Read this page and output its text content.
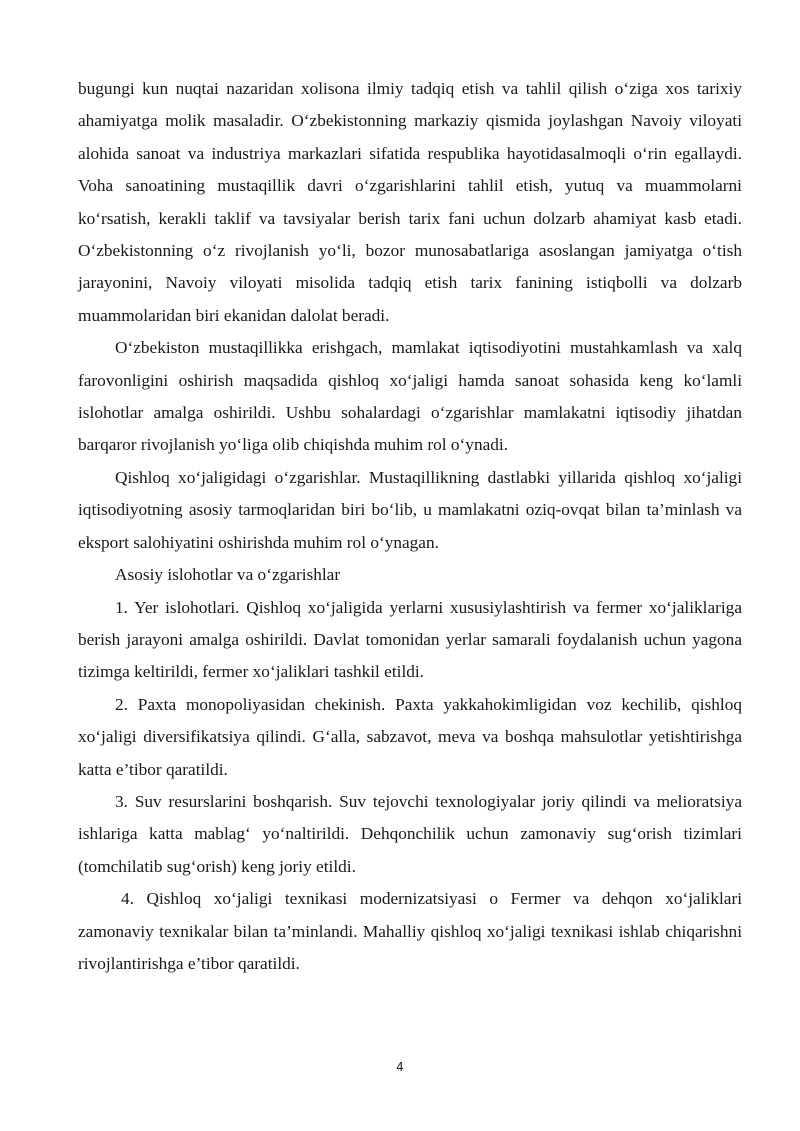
bugungi kun nuqtai nazaridan xolisona ilmiy tadqiq etish va tahlil qilish o‘ziga xos tarixiy ahamiyatga molik masaladir. O‘zbekistonning markaziy qismida joylashgan Navoiy viloyati alohida sanoat va industriya markazlari sifatida respublika hayotidasalmoqli o‘rin egallaydi. Voha sanoatining mustaqillik davri o‘zgarishlarini tahlil etish, yutuq va muammolarni ko‘rsatish, kerakli taklif va tavsiyalar berish tarix fani uchun dolzarb ahamiyat kasb etadi. O‘zbekistonning o‘z rivojlanish yo‘li, bozor munosabatlariga asoslangan jamiyatga o‘tish jarayonini, Navoiy viloyati misolida tadqiq etish tarix fanining istiqbolli va dolzarb muammolaridan biri ekanidan dalolat beradi.

O‘zbekiston mustaqillikka erishgach, mamlakat iqtisodiyotini mustahkamlash va xalq farovonligini oshirish maqsadida qishloq xo‘jaligi hamda sanoat sohasida keng ko‘lamli islohotlar amalga oshirildi. Ushbu sohalardagi o‘zgarishlar mamlakatni iqtisodiy jihatdan barqaror rivojlanish yo‘liga olib chiqishda muhim rol o‘ynadi.

Qishloq xo‘jaligidagi o‘zgarishlar. Mustaqillikning dastlabki yillarida qishloq xo‘jaligi iqtisodiyotning asosiy tarmoqlaridan biri bo‘lib, u mamlakatni oziq-ovqat bilan ta’minlash va eksport salohiyatini oshirishda muhim rol o‘ynagan.

Asosiy islohotlar va o‘zgarishlar

1. Yer islohotlari. Qishloq xo‘jaligida yerlarni xususiylashtirish va fermer xo‘jaliklariga berish jarayoni amalga oshirildi. Davlat tomonidan yerlar samarali foydalanish uchun yagona tizimga keltirildi, fermer xo‘jaliklari tashkil etildi.

2. Paxta monopoliyasidan chekinish. Paxta yakkahokimligidan voz kechilib, qishloq xo‘jaligi diversifikatsiya qilindi. G‘alla, sabzavot, meva va boshqa mahsulotlar yetishtirishga katta e’tibor qaratildi.

3. Suv resurslarini boshqarish. Suv tejovchi texnologiyalar joriy qilindi va melioratsiya ishlariga katta mablag‘ yo‘naltirildi. Dehqonchilik uchun zamonaviy sug‘orish tizimlari (tomchilatib sug‘orish) keng joriy etildi.

4. Qishloq xo‘jaligi texnikasi modernizatsiyasi o Fermer va dehqon xo‘jaliklari zamonaviy texnikalar bilan ta’minlandi. Mahalliy qishloq xo‘jaligi texnikasi ishlab chiqarishni rivojlantirishga e’tibor qaratildi.

4
